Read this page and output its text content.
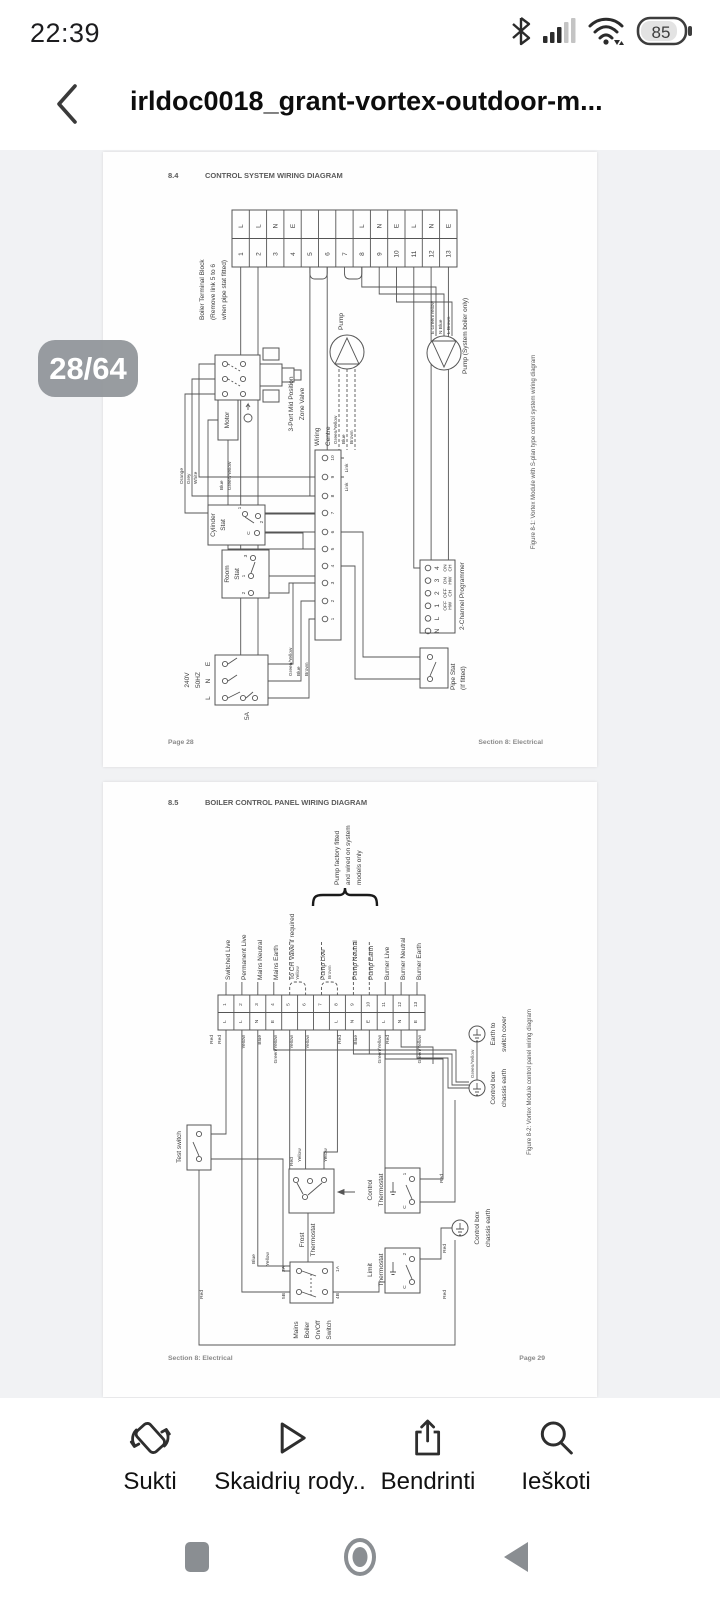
22:39	85
irldoc0018_grant-vortex-outdoor-m...
8.4	CONTROL SYSTEM WIRING DIAGRAM
L L N E	L N E L N E
1 2 3 4 5 6 7 8 9 10 11 12 13
Boiler Terminal Block (Remove link 5 to 6 when pipe stat fitted)
Pump
Green/Yellow Blue Brown
E Green/Yellow N Blue L Brown Pump (System boiler only)
Motor	3-Port Mid Position Zone Valve
Orange Grey White
Blue Green/Yellow
Wiring Centre
10
9
8
7
6
5
4
3
2
1
Link
Link
Cylinder Stat
1
2
C
Room Stat
3
1
2
240V 50HZ
E
N
L
5A
Green/Yellow Blue Brown
4
3
2
1
L
N
ON CH
ON HW
OFF CH
OFF HW 2-Channel Programmer
Pipe Stat (If fitted)
Figure 8-1: Vortex Module with S-plan type control system wiring diagram
Page 28	Section 8: Electrical
8.5	BOILER CONTROL PANEL WIRING DIAGRAM
Switched Live Permanent Live Mains Neutral Mains Earth To CH Valve if required	Pump Live	Pump Neutral Pump Earth Burner Live Burner Neutral Burner Earth
Yellow	Brown
Pump factory fitted and wired on system models only
1 2 3 4 5 6 7 8 9 10 11 12 13
L L N E	L N E L N E
Red Red	Yellow Blue Green/Yellow Yellow Yellow	Red Blue	Green/Yellow Red	Green/Yellow
Test switch	Red Yellow	Yellow
Frost Thermostat
1
C
Control Thermostat
2
C
Limit Thermostat
2A	1A
5B	4B
Blue Yellow
Mains Boiler On/Off Switch
Earth to switch cover
Control box chassis earth
Control box chassis earth
Green/Yellow
Red
Red
Red
Red
Figure 8-2: Vortex Module control panel wiring diagram
Section 8: Electrical	Page 29
28/64
Sukti Skaidrių rody.. Bendrinti Ieškoti
